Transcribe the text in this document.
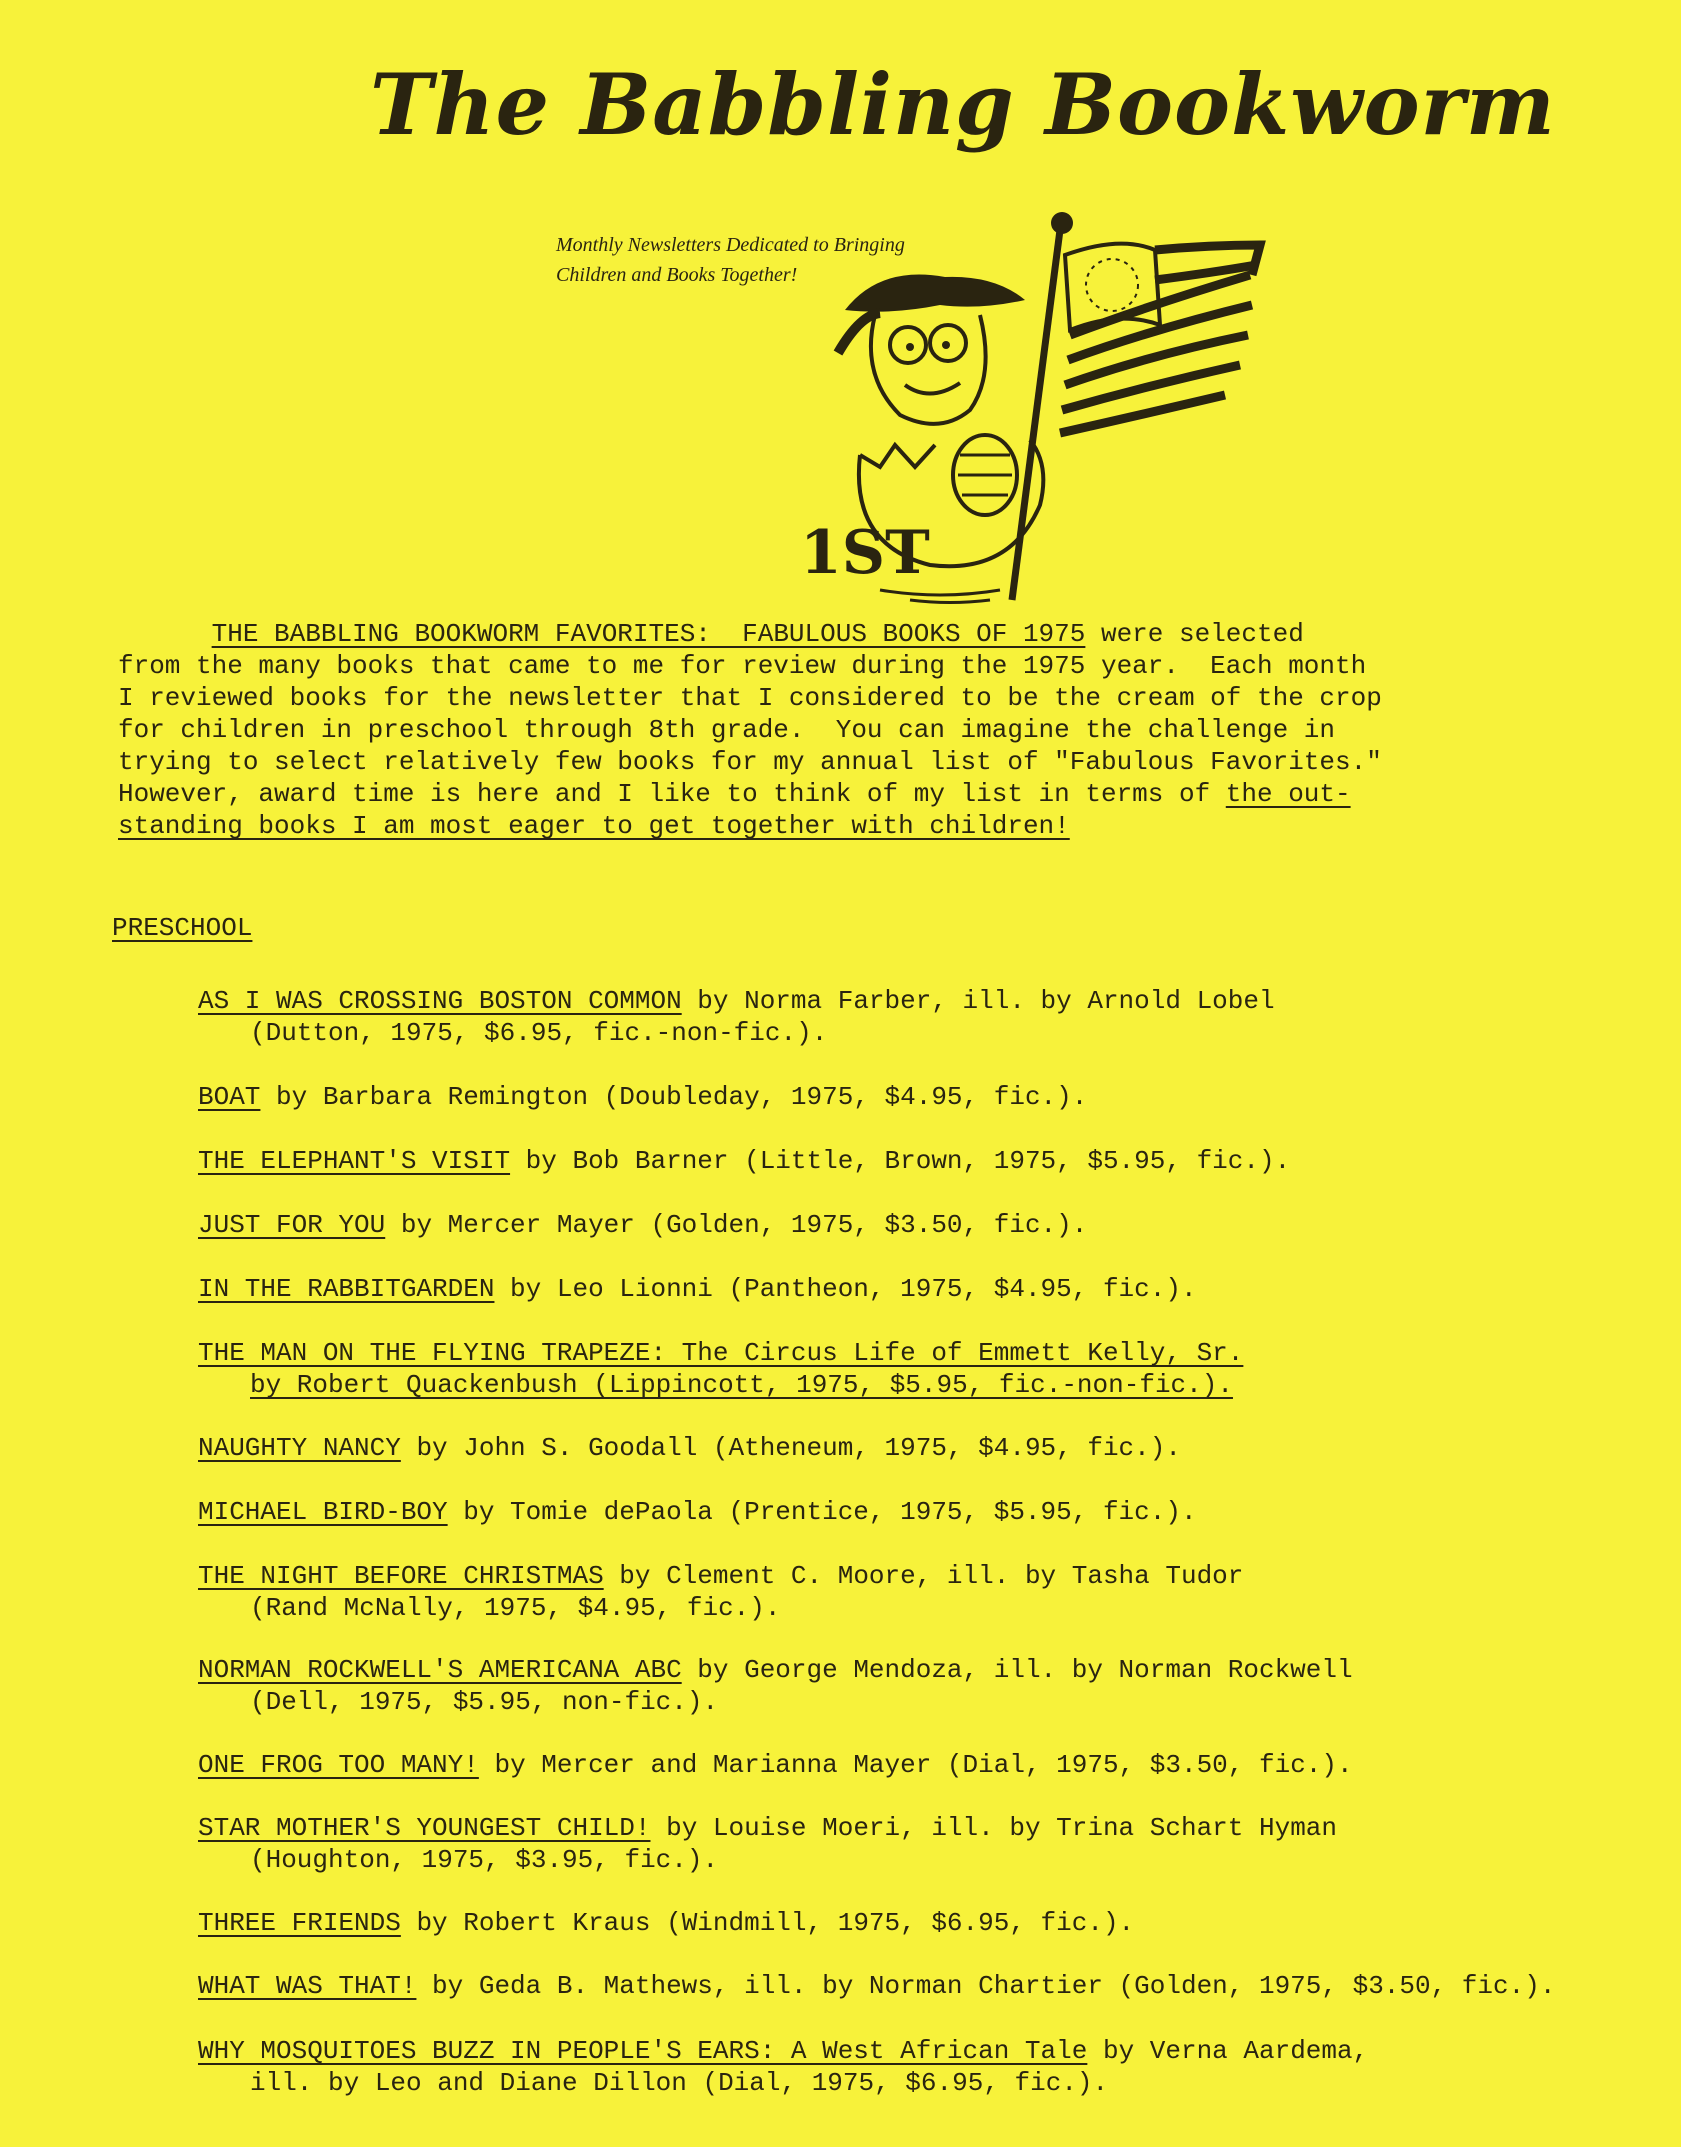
The Babbling Bookworm
Monthly Newsletters Dedicated to Bringing
Children and Books Together!
1ST
THE BABBLING BOOKWORM FAVORITES:  FABULOUS BOOKS OF 1975 were selected
from the many books that came to me for review during the 1975 year.  Each month
I reviewed books for the newsletter that I considered to be the cream of the crop
for children in preschool through 8th grade.  You can imagine the challenge in
trying to select relatively few books for my annual list of "Fabulous Favorites."
However, award time is here and I like to think of my list in terms of the out-
standing books I am most eager to get together with children!
PRESCHOOL
AS I WAS CROSSING BOSTON COMMON by Norma Farber, ill. by Arnold Lobel
(Dutton, 1975, $6.95, fic.-non-fic.).
BOAT by Barbara Remington (Doubleday, 1975, $4.95, fic.).
THE ELEPHANT'S VISIT by Bob Barner (Little, Brown, 1975, $5.95, fic.).
JUST FOR YOU by Mercer Mayer (Golden, 1975, $3.50, fic.).
IN THE RABBITGARDEN by Leo Lionni (Pantheon, 1975, $4.95, fic.).
THE MAN ON THE FLYING TRAPEZE: The Circus Life of Emmett Kelly, Sr.
by Robert Quackenbush (Lippincott, 1975, $5.95, fic.-non-fic.).
NAUGHTY NANCY by John S. Goodall (Atheneum, 1975, $4.95, fic.).
MICHAEL BIRD-BOY by Tomie dePaola (Prentice, 1975, $5.95, fic.).
THE NIGHT BEFORE CHRISTMAS by Clement C. Moore, ill. by Tasha Tudor
(Rand McNally, 1975, $4.95, fic.).
NORMAN ROCKWELL'S AMERICANA ABC by George Mendoza, ill. by Norman Rockwell
(Dell, 1975, $5.95, non-fic.).
ONE FROG TOO MANY! by Mercer and Marianna Mayer (Dial, 1975, $3.50, fic.).
STAR MOTHER'S YOUNGEST CHILD! by Louise Moeri, ill. by Trina Schart Hyman
(Houghton, 1975, $3.95, fic.).
THREE FRIENDS by Robert Kraus (Windmill, 1975, $6.95, fic.).
WHAT WAS THAT! by Geda B. Mathews, ill. by Norman Chartier (Golden, 1975, $3.50, fic.).
WHY MOSQUITOES BUZZ IN PEOPLE'S EARS: A West African Tale by Verna Aardema,
ill. by Leo and Diane Dillon (Dial, 1975, $6.95, fic.).
